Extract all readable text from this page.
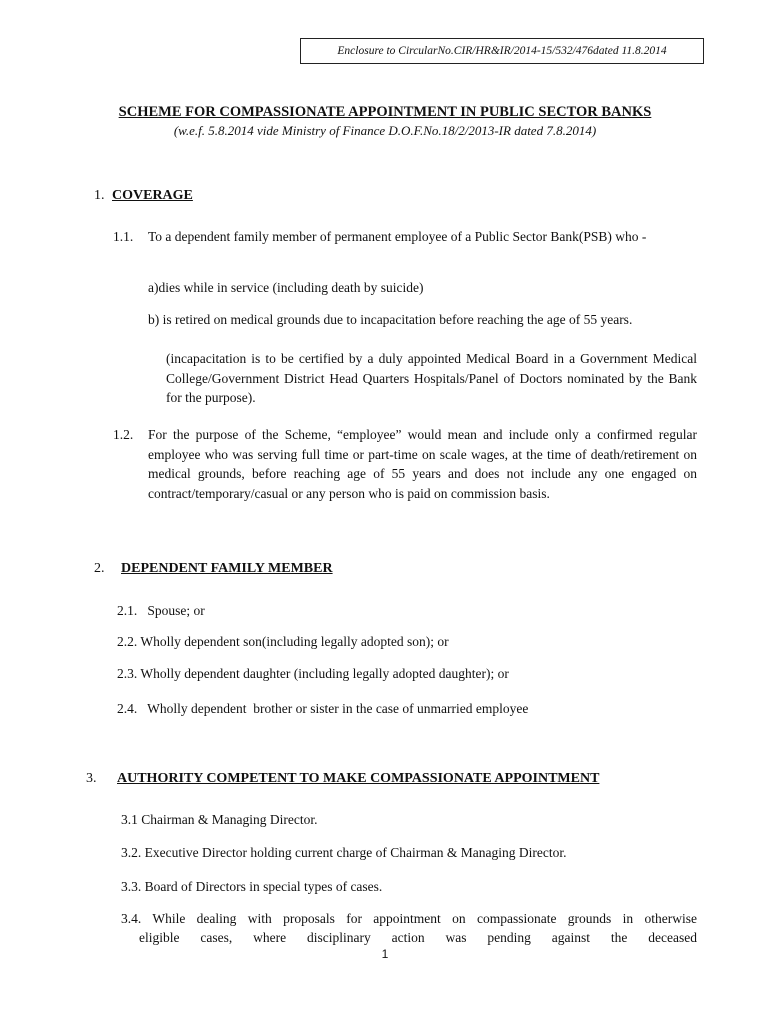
Enclosure to CircularNo.CIR/HR&IR/2014-15/532/476dated 11.8.2014
SCHEME FOR COMPASSIONATE APPOINTMENT IN PUBLIC SECTOR BANKS
(w.e.f. 5.8.2014 vide Ministry of Finance D.O.F.No.18/2/2013-IR dated 7.8.2014)
1. COVERAGE
1.1. To a dependent family member of permanent employee of a Public Sector Bank(PSB) who -
a)dies while in service (including death by suicide)
b) is retired on medical grounds due to incapacitation before reaching the age of 55 years.
(incapacitation is to be certified by a duly appointed Medical Board in a Government Medical College/Government District Head Quarters Hospitals/Panel of Doctors nominated by the Bank for the purpose).
1.2. For the purpose of the Scheme, “employee” would mean and include only a confirmed regular employee who was serving full time or part-time on scale wages, at the time of death/retirement on medical grounds, before reaching age of 55 years and does not include any one engaged on contract/temporary/casual or any person who is paid on commission basis.
2. DEPENDENT FAMILY MEMBER
2.1.   Spouse; or
2.2. Wholly dependent son(including legally adopted son); or
2.3. Wholly dependent daughter (including legally adopted daughter); or
2.4.   Wholly dependent  brother or sister in the case of unmarried employee
3. AUTHORITY COMPETENT TO MAKE COMPASSIONATE APPOINTMENT
3.1 Chairman & Managing Director.
3.2. Executive Director holding current charge of Chairman & Managing Director.
3.3. Board of Directors in special types of cases.
3.4. While dealing with proposals for appointment on compassionate grounds in otherwise
eligible cases, where disciplinary action was pending against the deceased
1
